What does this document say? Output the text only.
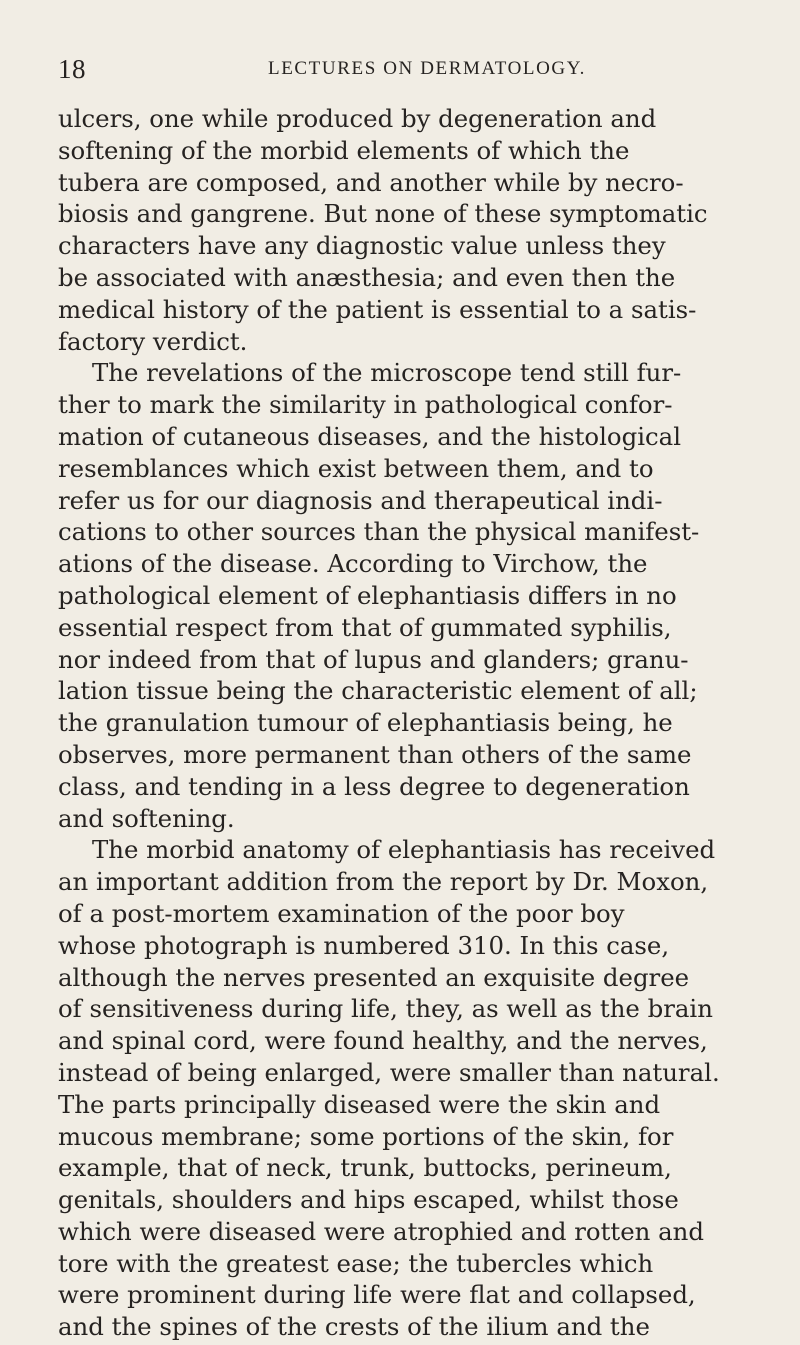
18	LECTURES ON DERMATOLOGY.
ulcers, one while produced by degeneration and
softening of the morbid elements of which the
tubera are composed, and another while by necro-
biosis and gangrene. But none of these symptomatic
characters have any diagnostic value unless they
be associated with anæsthesia; and even then the
medical history of the patient is essential to a satis-
factory verdict.
The revelations of the microscope tend still fur-
ther to mark the similarity in pathological confor-
mation of cutaneous diseases, and the histological
resemblances which exist between them, and to
refer us for our diagnosis and therapeutical indi-
cations to other sources than the physical manifest-
ations of the disease. According to Virchow, the
pathological element of elephantiasis differs in no
essential respect from that of gummated syphilis,
nor indeed from that of lupus and glanders; granu-
lation tissue being the characteristic element of all;
the granulation tumour of elephantiasis being, he
observes, more permanent than others of the same
class, and tending in a less degree to degeneration
and softening.
The morbid anatomy of elephantiasis has received
an important addition from the report by Dr. Moxon,
of a post-mortem examination of the poor boy
whose photograph is numbered 310. In this case,
although the nerves presented an exquisite degree
of sensitiveness during life, they, as well as the brain
and spinal cord, were found healthy, and the nerves,
instead of being enlarged, were smaller than natural.
The parts principally diseased were the skin and
mucous membrane; some portions of the skin, for
example, that of neck, trunk, buttocks, perineum,
genitals, shoulders and hips escaped, whilst those
which were diseased were atrophied and rotten and
tore with the greatest ease; the tubercles which
were prominent during life were flat and collapsed,
and the spines of the crests of the ilium and the
